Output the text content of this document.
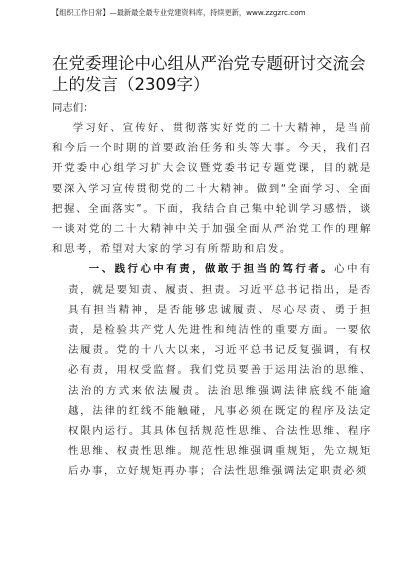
【组织工作日常】—最新最全最专业党建资料库，持续更新，www.zzgzrc.com
在党委理论中心组从严治党专题研讨交流会上的发言（2309字）
同志们：

学习好、宣传好、贯彻落实好党的二十大精神，是当前和今后一个时期的首要政治任务和头等大事。今天，我们召开党委中心组学习扩大会议暨党委书记专题党课，目的就是要深入学习宣传贯彻党的二十大精神。做到“全面学习、全面把握、全面落实”。下面，我结合自己集中轮训学习感悟，谈一谈对党的二十大精神中关于加强全面从严治党工作的理解和思考，希望对大家的学习有所帮助和启发。

一、践行心中有责，做敢于担当的笃行者。心中有责，就是要知责、履责、担责。习近平总书记指出，是否具有担当精神，是否能够忠诚履责、尽心尽责、勇于担责，是检验共产党人先进性和纯洁性的重要方面。一要依法履责。党的十八大以来，习近平总书记反复强调，有权必有责，用权受监督。我们党员要善于运用法治的思维、法治的方式来依法履责。法治思维强调法律底线不能逾越，法律的红线不能触碰，凡事必须在既定的程序及法定权限内运行。其具体包括规范性思维、合法性思维、程序性思维、权责性思维。规范性思维强调重规矩，先立规矩后办事，立好规矩再办事；合法性思维强调法定职责必须
